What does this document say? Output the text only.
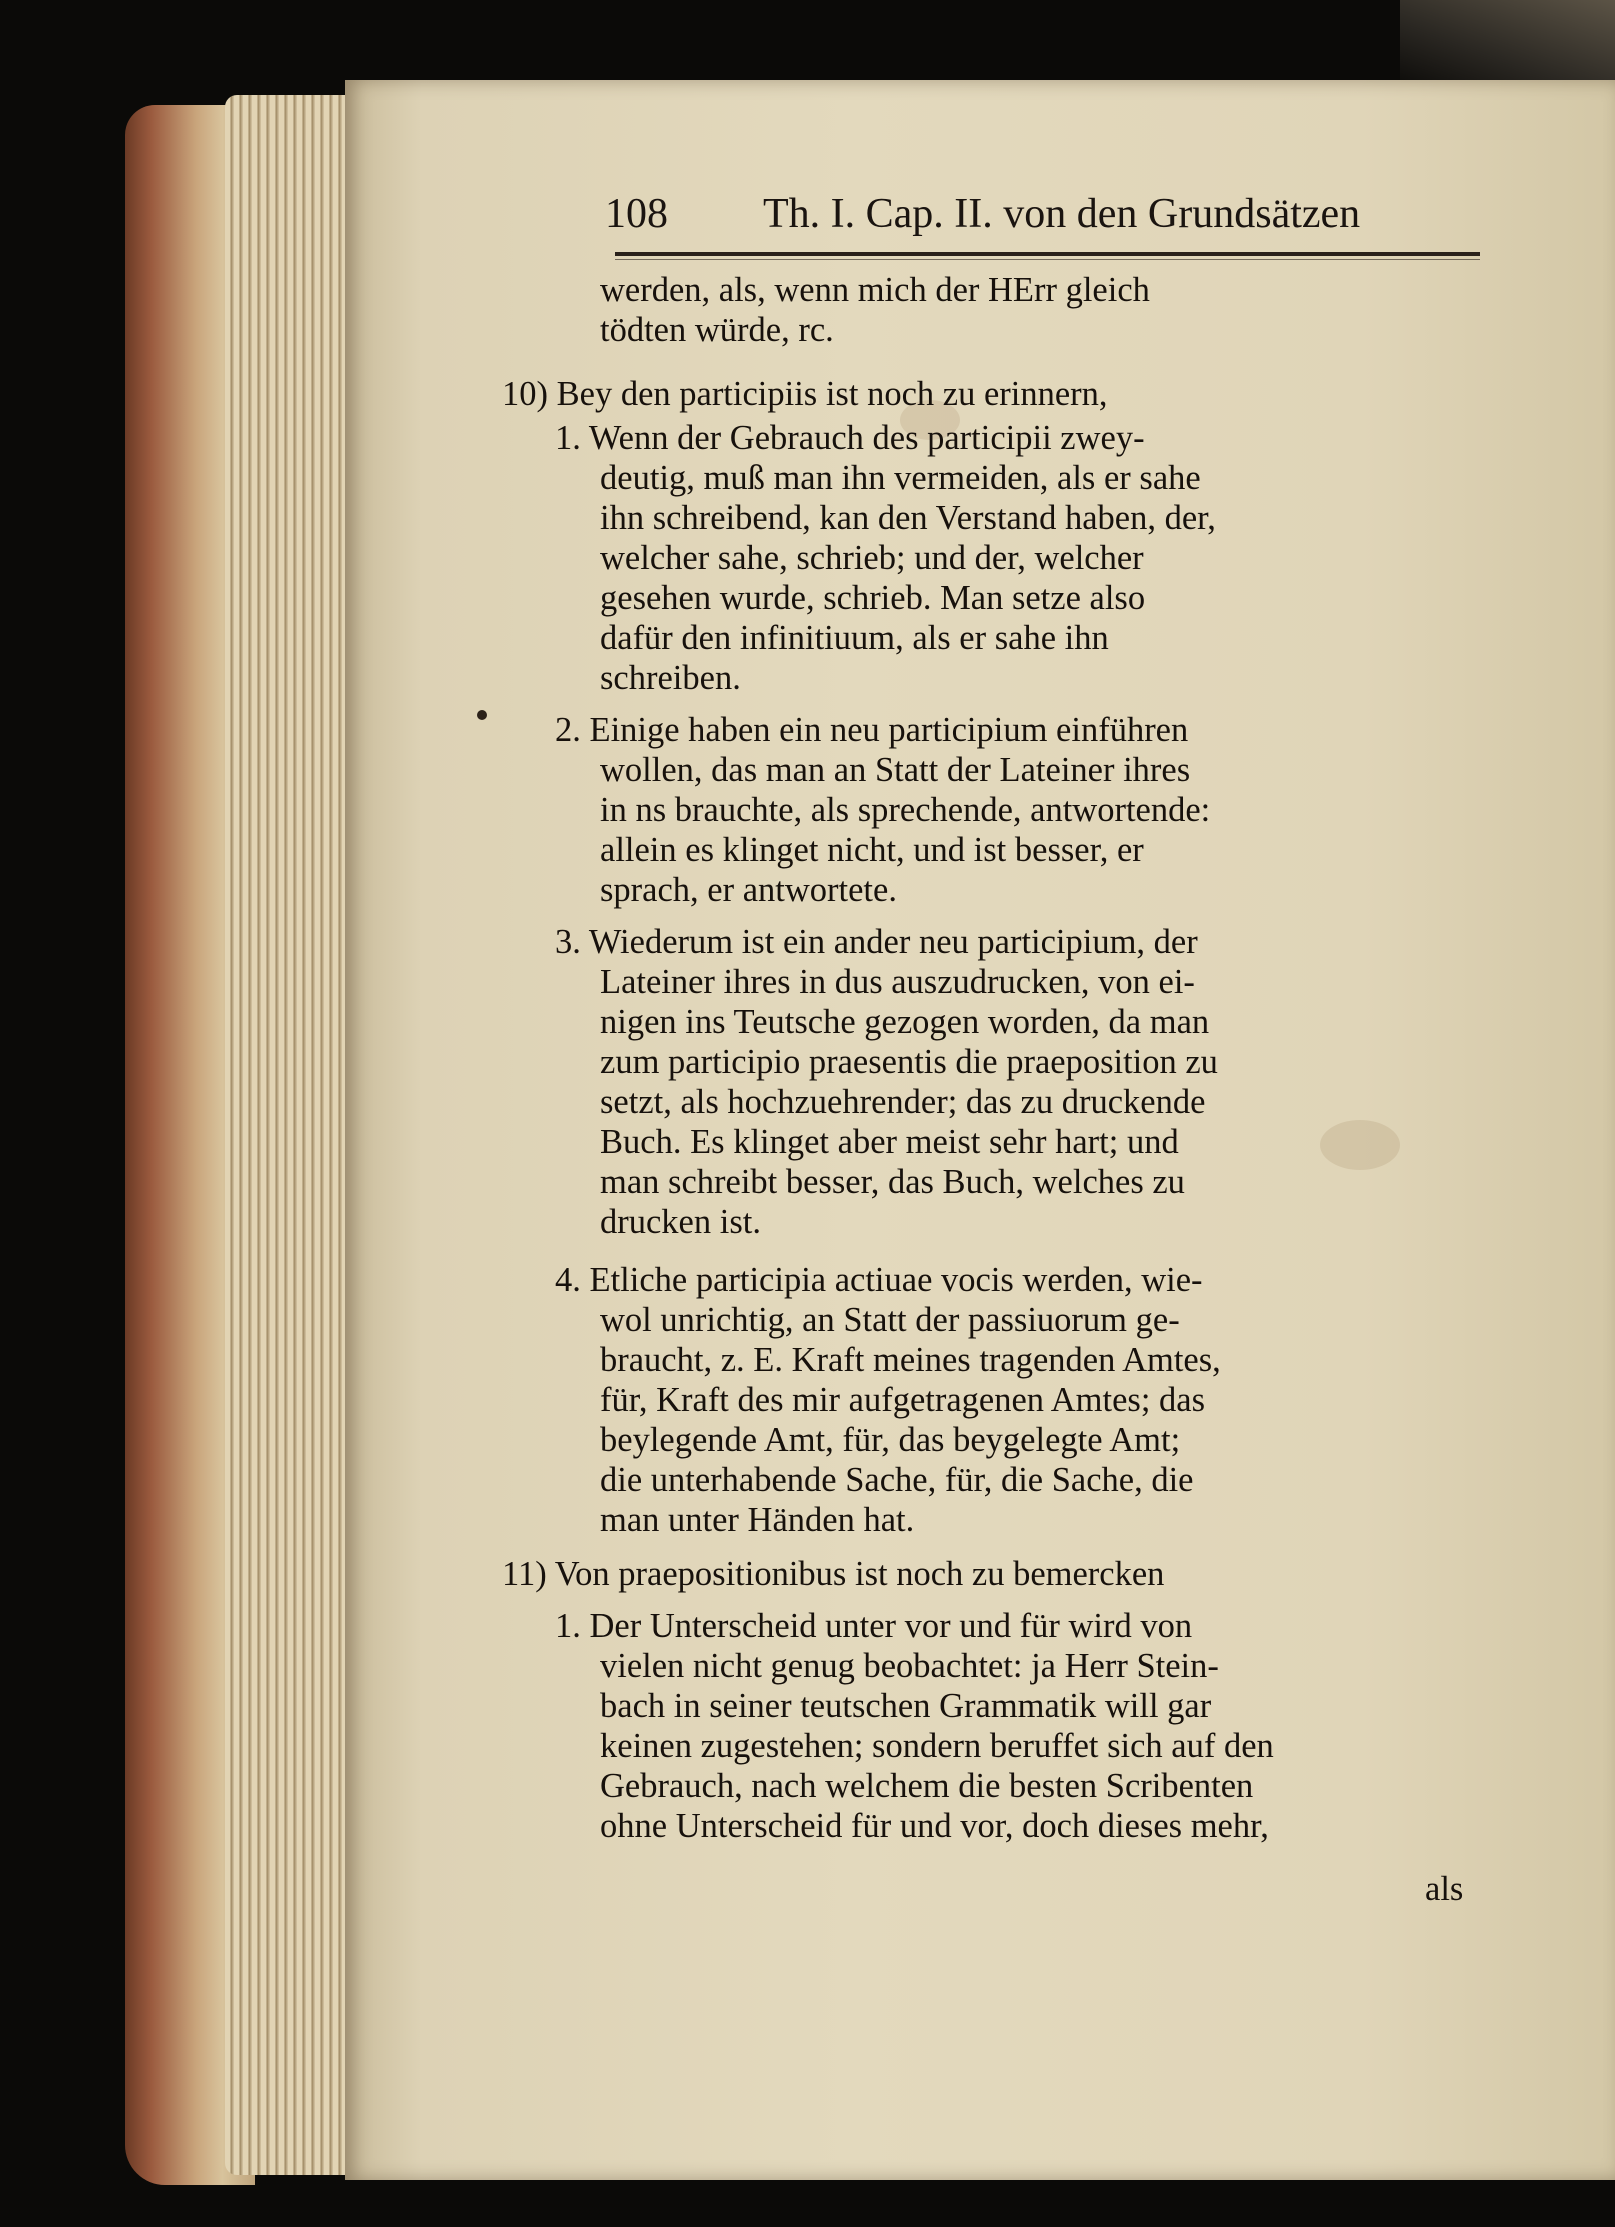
108 Th. I. Cap. II. von den Grundsätzen
werden, als, wenn mich der HErr gleich
tödten würde, rc.
10) Bey den participiis ist noch zu erinnern,
1. Wenn der Gebrauch des participii zwey-
deutig, muß man ihn vermeiden, als er sahe
ihn schreibend, kan den Verstand haben, der,
welcher sahe, schrieb; und der, welcher
gesehen wurde, schrieb. Man setze also
dafür den infinitiuum, als er sahe ihn
schreiben.
2. Einige haben ein neu participium einführen
wollen, das man an Statt der Lateiner ihres
in ns brauchte, als sprechende, antwortende:
allein es klinget nicht, und ist besser, er
sprach, er antwortete.
3. Wiederum ist ein ander neu participium, der
Lateiner ihres in dus auszudrucken, von ei-
nigen ins Teutsche gezogen worden, da man
zum participio praesentis die praeposition zu
setzt, als hochzuehrender; das zu druckende
Buch. Es klinget aber meist sehr hart; und
man schreibt besser, das Buch, welches zu
drucken ist.
4. Etliche participia actiuae vocis werden, wie-
wol unrichtig, an Statt der passiuorum ge-
braucht, z. E. Kraft meines tragenden Amtes,
für, Kraft des mir aufgetragenen Amtes; das
beylegende Amt, für, das beygelegte Amt;
die unterhabende Sache, für, die Sache, die
man unter Händen hat.
11) Von praepositionibus ist noch zu bemercken
1. Der Unterscheid unter vor und für wird von
vielen nicht genug beobachtet: ja Herr Stein-
bach in seiner teutschen Grammatik will gar
keinen zugestehen; sondern beruffet sich auf den
Gebrauch, nach welchem die besten Scribenten
ohne Unterscheid für und vor, doch dieses mehr,
als
